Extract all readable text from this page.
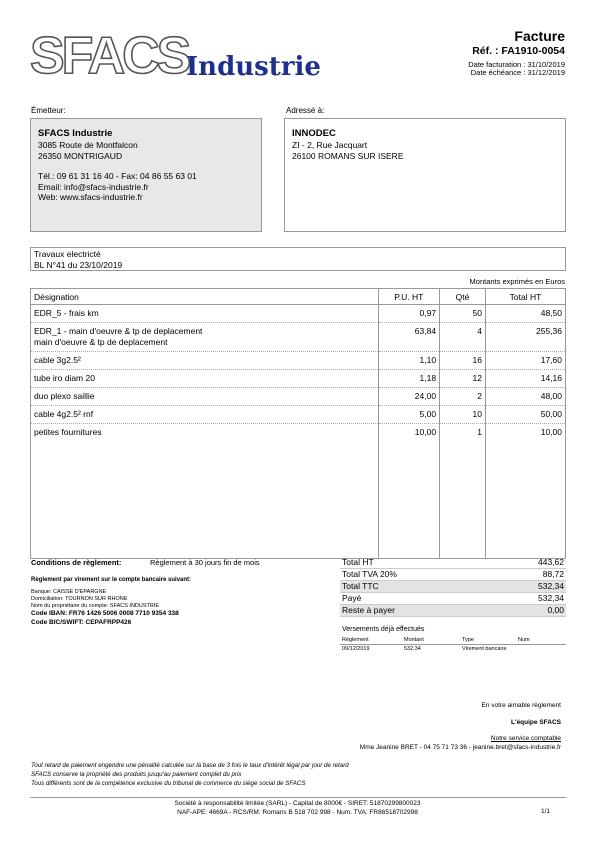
SFACS
Industrie
Facture
Réf. : FA1910-0054
Date facturation : 31/10/2019
Date échéance : 31/12/2019
Émetteur:
SFACS Industrie
3085 Route de Montfalcon
26350 MONTRIGAUD
Tél.: 09 61 31 16 40 - Fax: 04 86 55 63 01
Email: info@sfacs-industrie.fr
Web: www.sfacs-industrie.fr
Adressé à:
INNODEC
ZI - 2, Rue Jacquart
26100 ROMANS SUR ISERE
Travaux electricté
BL N°41 du 23/10/2019
Montants exprimés en Euros
Désignation	P.U. HT	Qté	Total HT
EDR_5 - frais km	0,97	50	48,50

EDR_1 - main d'oeuvre & tp de deplacement
main d'oeuvre & tp de deplacement	63,84	4	255,36
cable 3g2.5²	1,10	16	17,60
tube iro diam 20	1,18	12	14,16
duo plexo saillie	24,00	2	48,00
cable 4g2.5² rnf	5,00	10	50,00
petites fournitures	10,00	1	10,00
Conditions de règlement:	Règlement à 30 jours fin de mois
Règlement par virement sur le compte bancaire suivant:
Banque: CAISSE D'EPARGNE
Domiciliation: TOURNON SUR RHONE
Nom du propriétaire du compte: SFACS INDUSTRIE
Code IBAN: FR76 1426 5006 0008 7710 9354 338
Code BIC/SWIFT: CEPAFRPP426
Total HT	443,62
Total TVA 20%	88,72
Total TTC	532,34
Payé	532,34
Reste à payer	0,00
Versements déjà effectués
Règlement	Montant	Type	Num
09/12/2019	532,34	Virement bancaire	
En votre aimable règlement
L'équipe SFACS
Notre service comptable
Mme Jeanine BRET - 04 75 71 73 36 - jeanine.bret@sfacs-industrie.fr
Tout retard de paiement engendre une pénalité calculée sur la base de 3 fois le taux d'intérêt légal par jour de retard
SFACS conserve la propriété des produits jusqu'au paiement complet du prix
Tous différents sont de la compétence exclusive du tribunal de commerce du siège social de SFACS
Société à responsabilité limitée (SARL) - Capital de 8000€ - SIRET: 51870299800023
NAF-APE: 4669A - RCS/RM: Romans B 518 702 998 - Num. TVA: FR86518702998	1/1
